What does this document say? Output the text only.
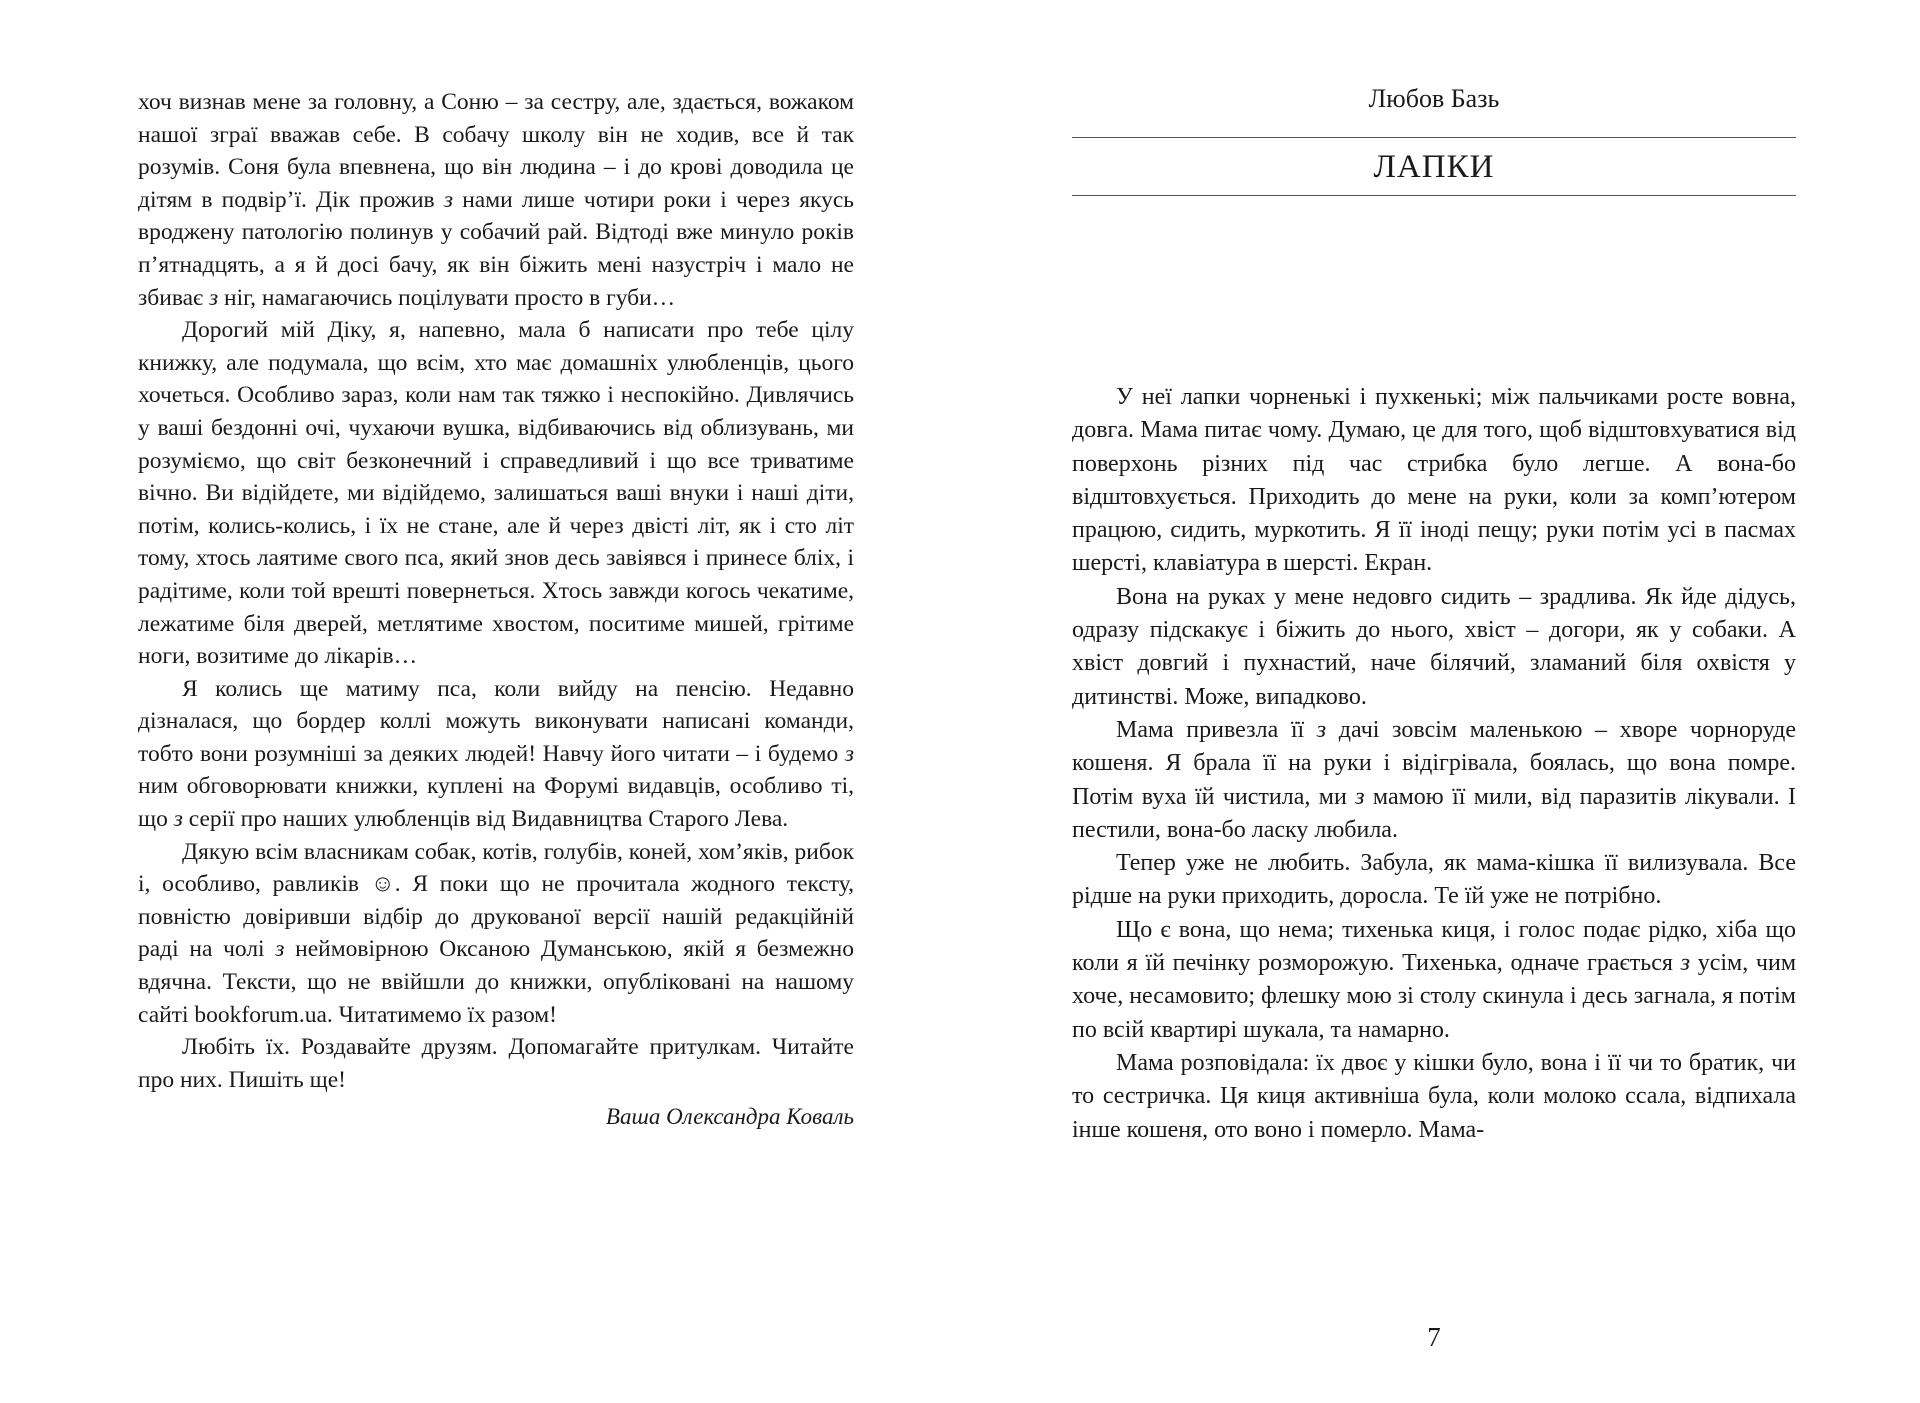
хоч визнав мене за головну, а Соню – за сестру, але, здається, вожаком нашої зграї вважав себе. В собачу школу він не ходив, все й так розумів. Соня була впевнена, що він людина – і до крові доводила це дітям в подвір’ї. Дік прожив з нами лише чотири роки і через якусь вроджену патологію полинув у собачий рай. Відтоді вже минуло років п’ятнадцять, а я й досі бачу, як він біжить мені назустріч і мало не збиває з ніг, намагаючись поцілувати просто в губи…

Дорогий мій Діку, я, напевно, мала б написати про тебе цілу книжку, але подумала, що всім, хто має домашніх улюбленців, цього хочеться. Особливо зараз, коли нам так тяжко і неспокійно. Дивлячись у ваші бездонні очі, чухаючи вушка, відбиваючись від облизувань, ми розуміємо, що світ безконечний і справедливий і що все триватиме вічно. Ви відійдете, ми відійдемо, залишаться ваші внуки і наші діти, потім, колись-колись, і їх не стане, але й через двісті літ, як і сто літ тому, хтось лаятиме свого пса, який знов десь завіявся і принесе бліх, і радітиме, коли той врешті повернеться. Хтось завжди когось чекатиме, лежатиме біля дверей, метлятиме хвостом, поситиме мишей, грітиме ноги, возитиме до лікарів…

Я колись ще матиму пса, коли вийду на пенсію. Недавно дізналася, що бордер коллі можуть виконувати написані команди, тобто вони розумніші за деяких людей! Навчу його читати – і будемо з ним обговорювати книжки, куплені на Форумі видавців, особливо ті, що з серії про наших улюбленців від Видавництва Старого Лева.

Дякую всім власникам собак, котів, голубів, коней, хом’яків, рибок і, особливо, равликів ☺. Я поки що не прочитала жодного тексту, повністю довіривши відбір до друкованої версії нашій редакційній раді на чолі з неймовірною Оксаною Думанською, якій я безмежно вдячна. Тексти, що не ввійшли до книжки, опубліковані на нашому сайті bookforum.ua. Читатимемо їх разом!

Любіть їх. Роздавайте друзям. Допомагайте притулкам. Читайте про них. Пишіть ще!

Ваша Олександра Коваль

Любов Базь
ЛАПКИ

У неї лапки чорненькі і пухкенькі; між пальчиками росте вовна, довга. Мама питає чому. Думаю, це для того, щоб відштовхуватися від поверхонь різних під час стрибка було легше. А вона-бо відштовхується. Приходить до мене на руки, коли за комп’ютером працюю, сидить, муркотить. Я її іноді пещу; руки потім усі в пасмах шерсті, клавіатура в шерсті. Екран.

Вона на руках у мене недовго сидить – зрадлива. Як йде дідусь, одразу підскакує і біжить до нього, хвіст – догори, як у собаки. А хвіст довгий і пухнастий, наче білячий, зламаний біля охвістя у дитинстві. Може, випадково.

Мама привезла її з дачі зовсім маленькою – хворе чорноруде кошеня. Я брала її на руки і відігрівала, боялась, що вона помре. Потім вуха їй чистила, ми з мамою її мили, від паразитів лікували. І пестили, вона-бо ласку любила.

Тепер уже не любить. Забула, як мама-кішка її вилизувала. Все рідше на руки приходить, доросла. Те їй уже не потрібно.

Що є вона, що нема; тихенька киця, і голос подає рідко, хіба що коли я їй печінку розморожую. Тихенька, одначе грається з усім, чим хоче, несамовито; флешку мою зі столу скинула і десь загнала, я потім по всій квартирі шукала, та намарно.

Мама розповідала: їх двоє у кішки було, вона і її чи то братик, чи то сестричка. Ця киця активніша була, коли молоко ссала, відпихала інше кошеня, ото воно і померло. Мама-

7
